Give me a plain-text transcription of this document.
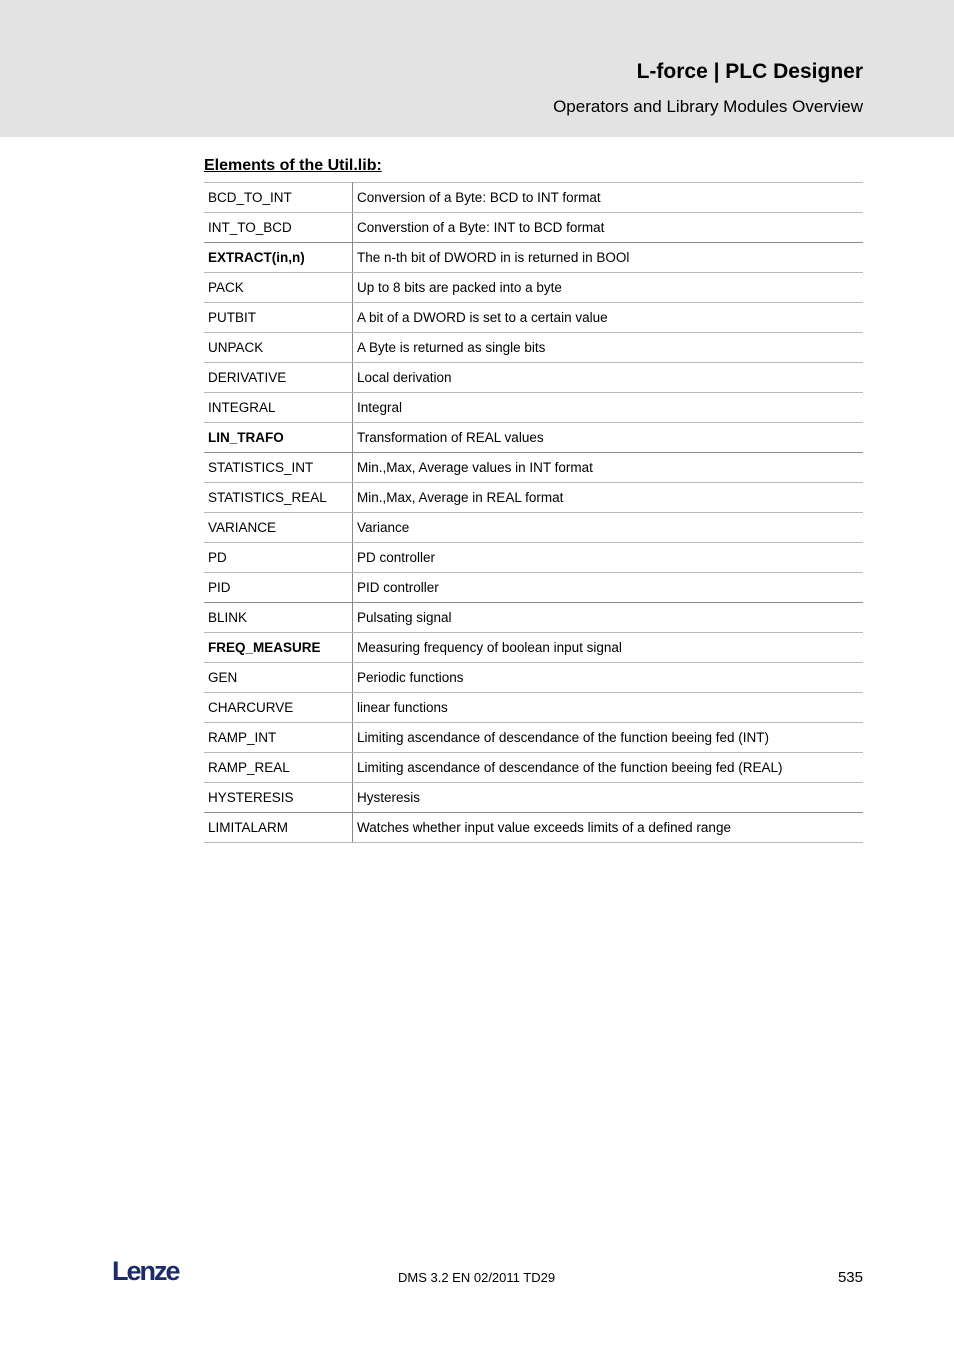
L-force | PLC Designer
Operators and Library Modules Overview
Elements of the Util.lib:
BCD_TO_INT	Conversion of a Byte: BCD to INT format
INT_TO_BCD	Converstion of a Byte: INT to BCD format
EXTRACT(in,n)	The n-th bit of DWORD in is returned in BOOl
PACK	Up to 8 bits are packed into a byte
PUTBIT	A bit of a DWORD is set to a certain value
UNPACK	A Byte is returned as single bits
DERIVATIVE	Local derivation
INTEGRAL	Integral
LIN_TRAFO	Transformation of REAL values
STATISTICS_INT	Min.,Max, Average values in INT format
STATISTICS_REAL	Min.,Max, Average in REAL format
VARIANCE	Variance
PD	PD controller
PID	PID controller
BLINK	Pulsating signal
FREQ_MEASURE	Measuring frequency of boolean input signal
GEN	Periodic functions
CHARCURVE	linear functions
RAMP_INT	Limiting ascendance of descendance of the function beeing fed (INT)
RAMP_REAL	Limiting ascendance of descendance of the function beeing fed (REAL)
HYSTERESIS	Hysteresis
LIMITALARM	Watches whether input value exceeds limits of a defined range
Lenze	DMS 3.2 EN 02/2011 TD29	535
